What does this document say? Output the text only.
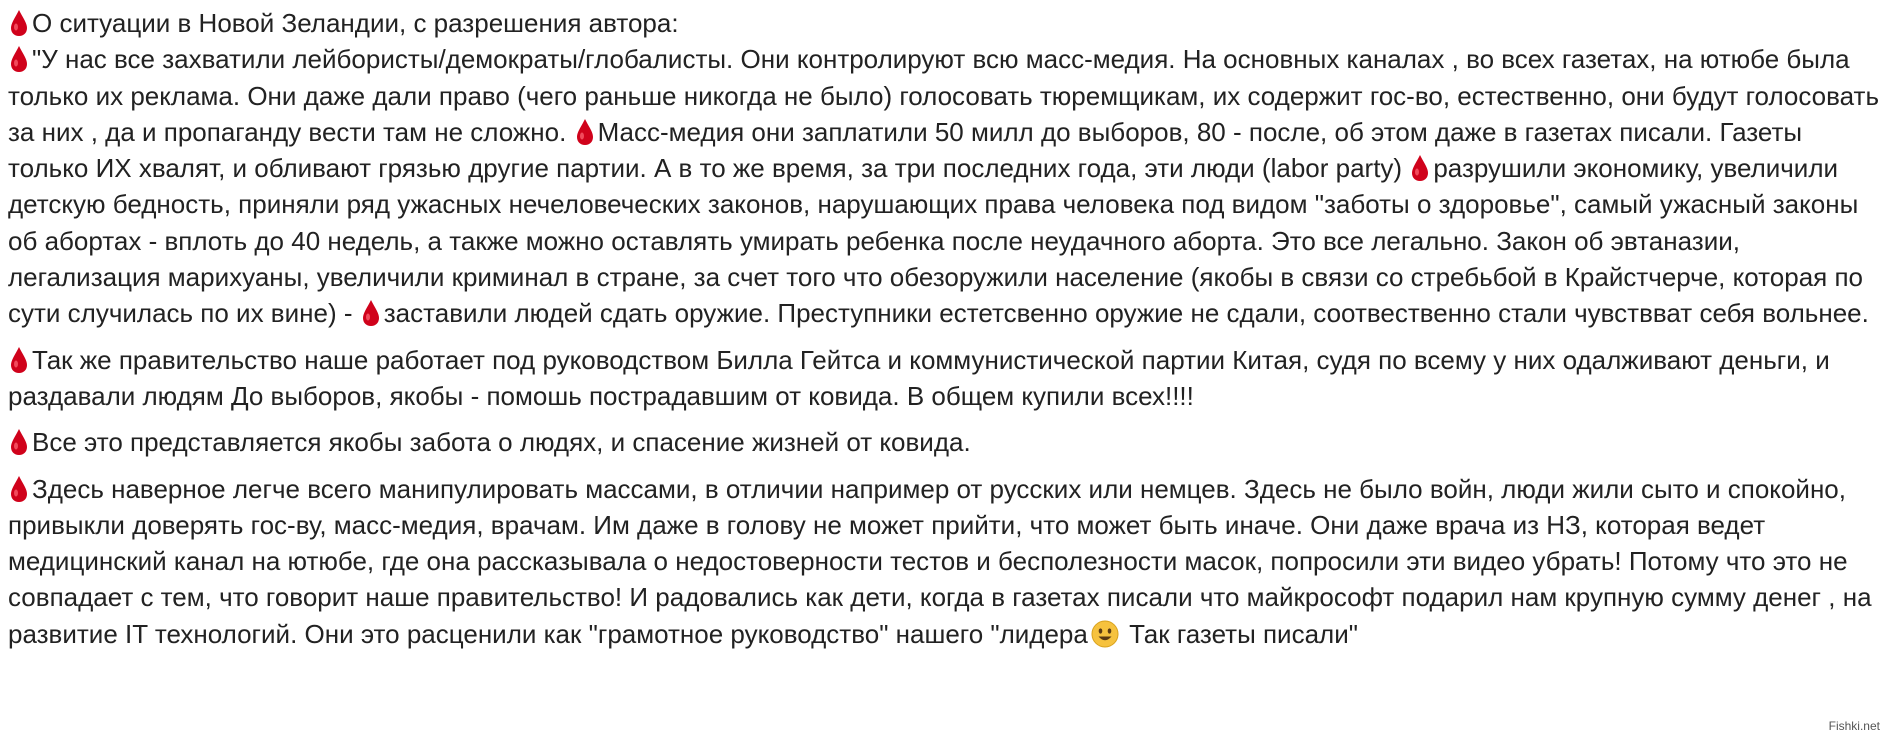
О ситуации в Новой Зеландии, с разрешения автора:

"У нас все захватили лейбористы/демократы/глобалисты. Они контролируют всю масс-медия. На основных каналах , во всех газетах, на ютюбе была только их реклама. Они даже дали право (чего раньше никогда не было) голосовать тюремщикам, их содержит гос-во, естественно, они будут голосовать за них , да и пропаганду вести там не сложно.
Масс-медия они заплатили 50 милл до выборов, 80 - после, об этом даже в газетах писали. Газеты только ИХ хвалят, и обливают грязью другие партии. А в то же время, за три последних года, эти люди (labor party)
разрушили экономику, увеличили детскую бедность, приняли ряд ужасных нечеловеческих законов, нарушающих права человека под видом "заботы о здоровье", самый ужасный законы об абортах - вплоть до 40 недель, а также можно оставлять умирать ребенка после неудачного аборта. Это все легально. Закон об эвтаназии, легализация марихуаны, увеличили криминал в стране, за счет того что обезоружили население (якобы в связи со стребьбой в Крайстчерче, которая по сути случилась по их вине) -
заставили людей сдать оружие. Преступники естетсвенно оружие не сдали, соотвественно стали чувствват себя вольнее.

Так же правительство наше работает под руководством Билла Гейтса и коммунистической партии Китая, судя по всему у них одалживают деньги, и раздавали людям До выборов, якобы - помошь пострадавшим от ковида. В общем купили всех!!!!

Все это представляется якобы забота о людях, и спасение жизней от ковида.

Здесь наверное легче всего манипулировать массами, в отличии например от русских или немцев. Здесь не было войн, люди жили сыто и спокойно, привыкли доверять гос-ву, масс-медия, врачам. Им даже в голову не может прийти, что может быть иначе. Они даже врача из НЗ, которая ведет медицинский канал на ютюбе, где она рассказывала о недостоверности тестов и бесполезности масок, попросили эти видео убрать! Потому что это не совпадает с тем, что говорит наше правительство! И радовались как дети, когда в газетах писали что майкрософт подарил нам крупную сумму денег , на развитие IT технологий. Они это расценили как "грамотное руководство" нашего "лидера
Так газеты писали"

Fishki.net
